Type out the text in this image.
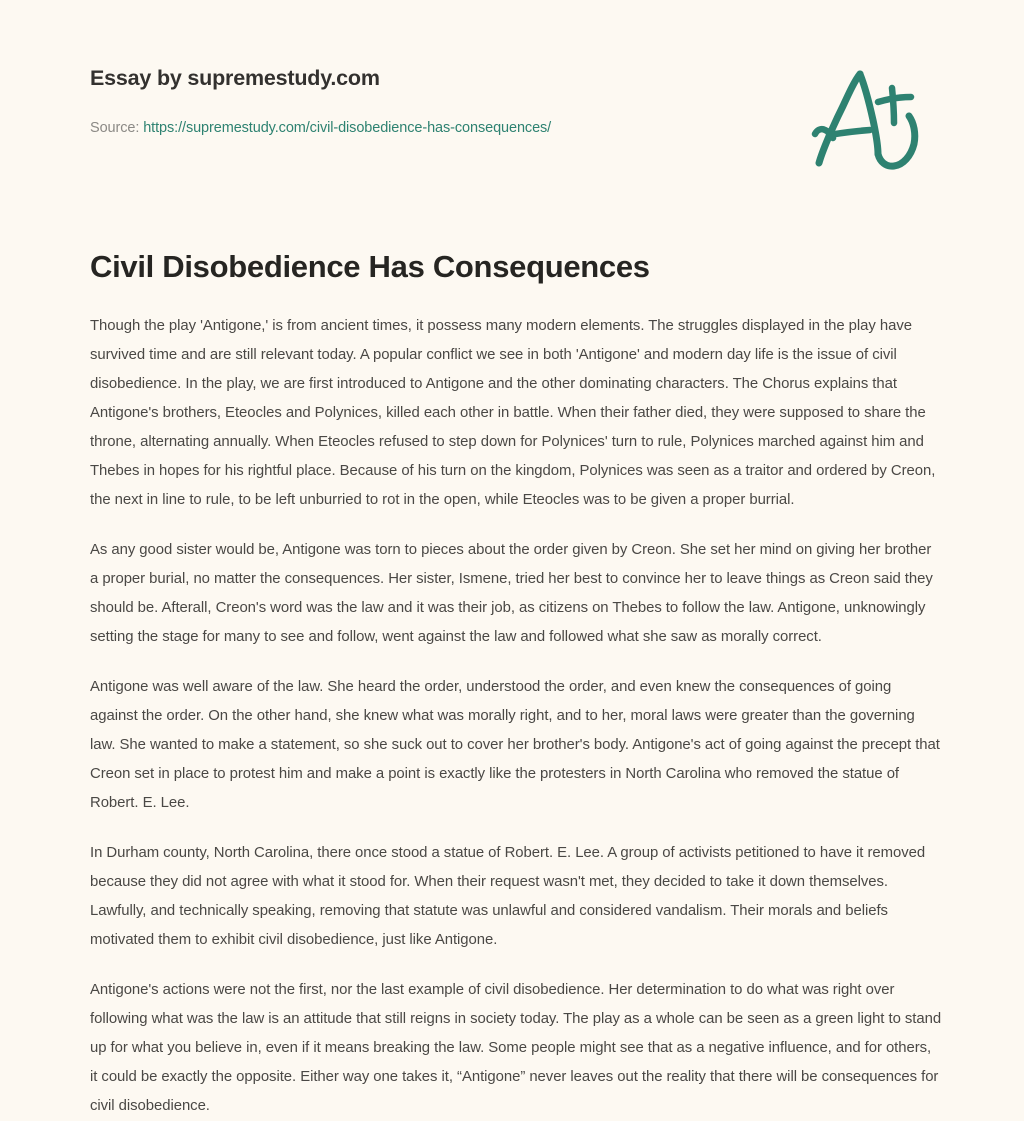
Essay by supremestudy.com
Source: https://supremestudy.com/civil-disobedience-has-consequences/
Civil Disobedience Has Consequences

Though the play 'Antigone,' is from ancient times, it possess many modern elements. The struggles displayed in the play have survived time and are still relevant today. A popular conflict we see in both 'Antigone' and modern day life is the issue of civil disobedience. In the play, we are first introduced to Antigone and the other dominating characters. The Chorus explains that Antigone's brothers, Eteocles and Polynices, killed each other in battle. When their father died, they were supposed to share the throne, alternating annually. When Eteocles refused to step down for Polynices' turn to rule, Polynices marched against him and Thebes in hopes for his rightful place. Because of his turn on the kingdom, Polynices was seen as a traitor and ordered by Creon, the next in line to rule, to be left unburried to rot in the open, while Eteocles was to be given a proper burrial.

As any good sister would be, Antigone was torn to pieces about the order given by Creon. She set her mind on giving her brother a proper burial, no matter the consequences. Her sister, Ismene, tried her best to convince her to leave things as Creon said they should be. Afterall, Creon's word was the law and it was their job, as citizens on Thebes to follow the law. Antigone, unknowingly setting the stage for many to see and follow, went against the law and followed what she saw as morally correct.

Antigone was well aware of the law. She heard the order, understood the order, and even knew the consequences of going against the order. On the other hand, she knew what was morally right, and to her, moral laws were greater than the governing law. She wanted to make a statement, so she suck out to cover her brother's body. Antigone's act of going against the precept that Creon set in place to protest him and make a point is exactly like the protesters in North Carolina who removed the statue of Robert. E. Lee.

In Durham county, North Carolina, there once stood a statue of Robert. E. Lee. A group of activists petitioned to have it removed because they did not agree with what it stood for. When their request wasn't met, they decided to take it down themselves. Lawfully, and technically speaking, removing that statute was unlawful and considered vandalism. Their morals and beliefs motivated them to exhibit civil disobedience, just like Antigone.

Antigone's actions were not the first, nor the last example of civil disobedience. Her determination to do what was right over following what was the law is an attitude that still reigns in society today. The play as a whole can be seen as a green light to stand up for what you believe in, even if it means breaking the law. Some people might see that as a negative influence, and for others, it could be exactly the opposite. Either way one takes it, “Antigone” never leaves out the reality that there will be consequences for civil disobedience.
